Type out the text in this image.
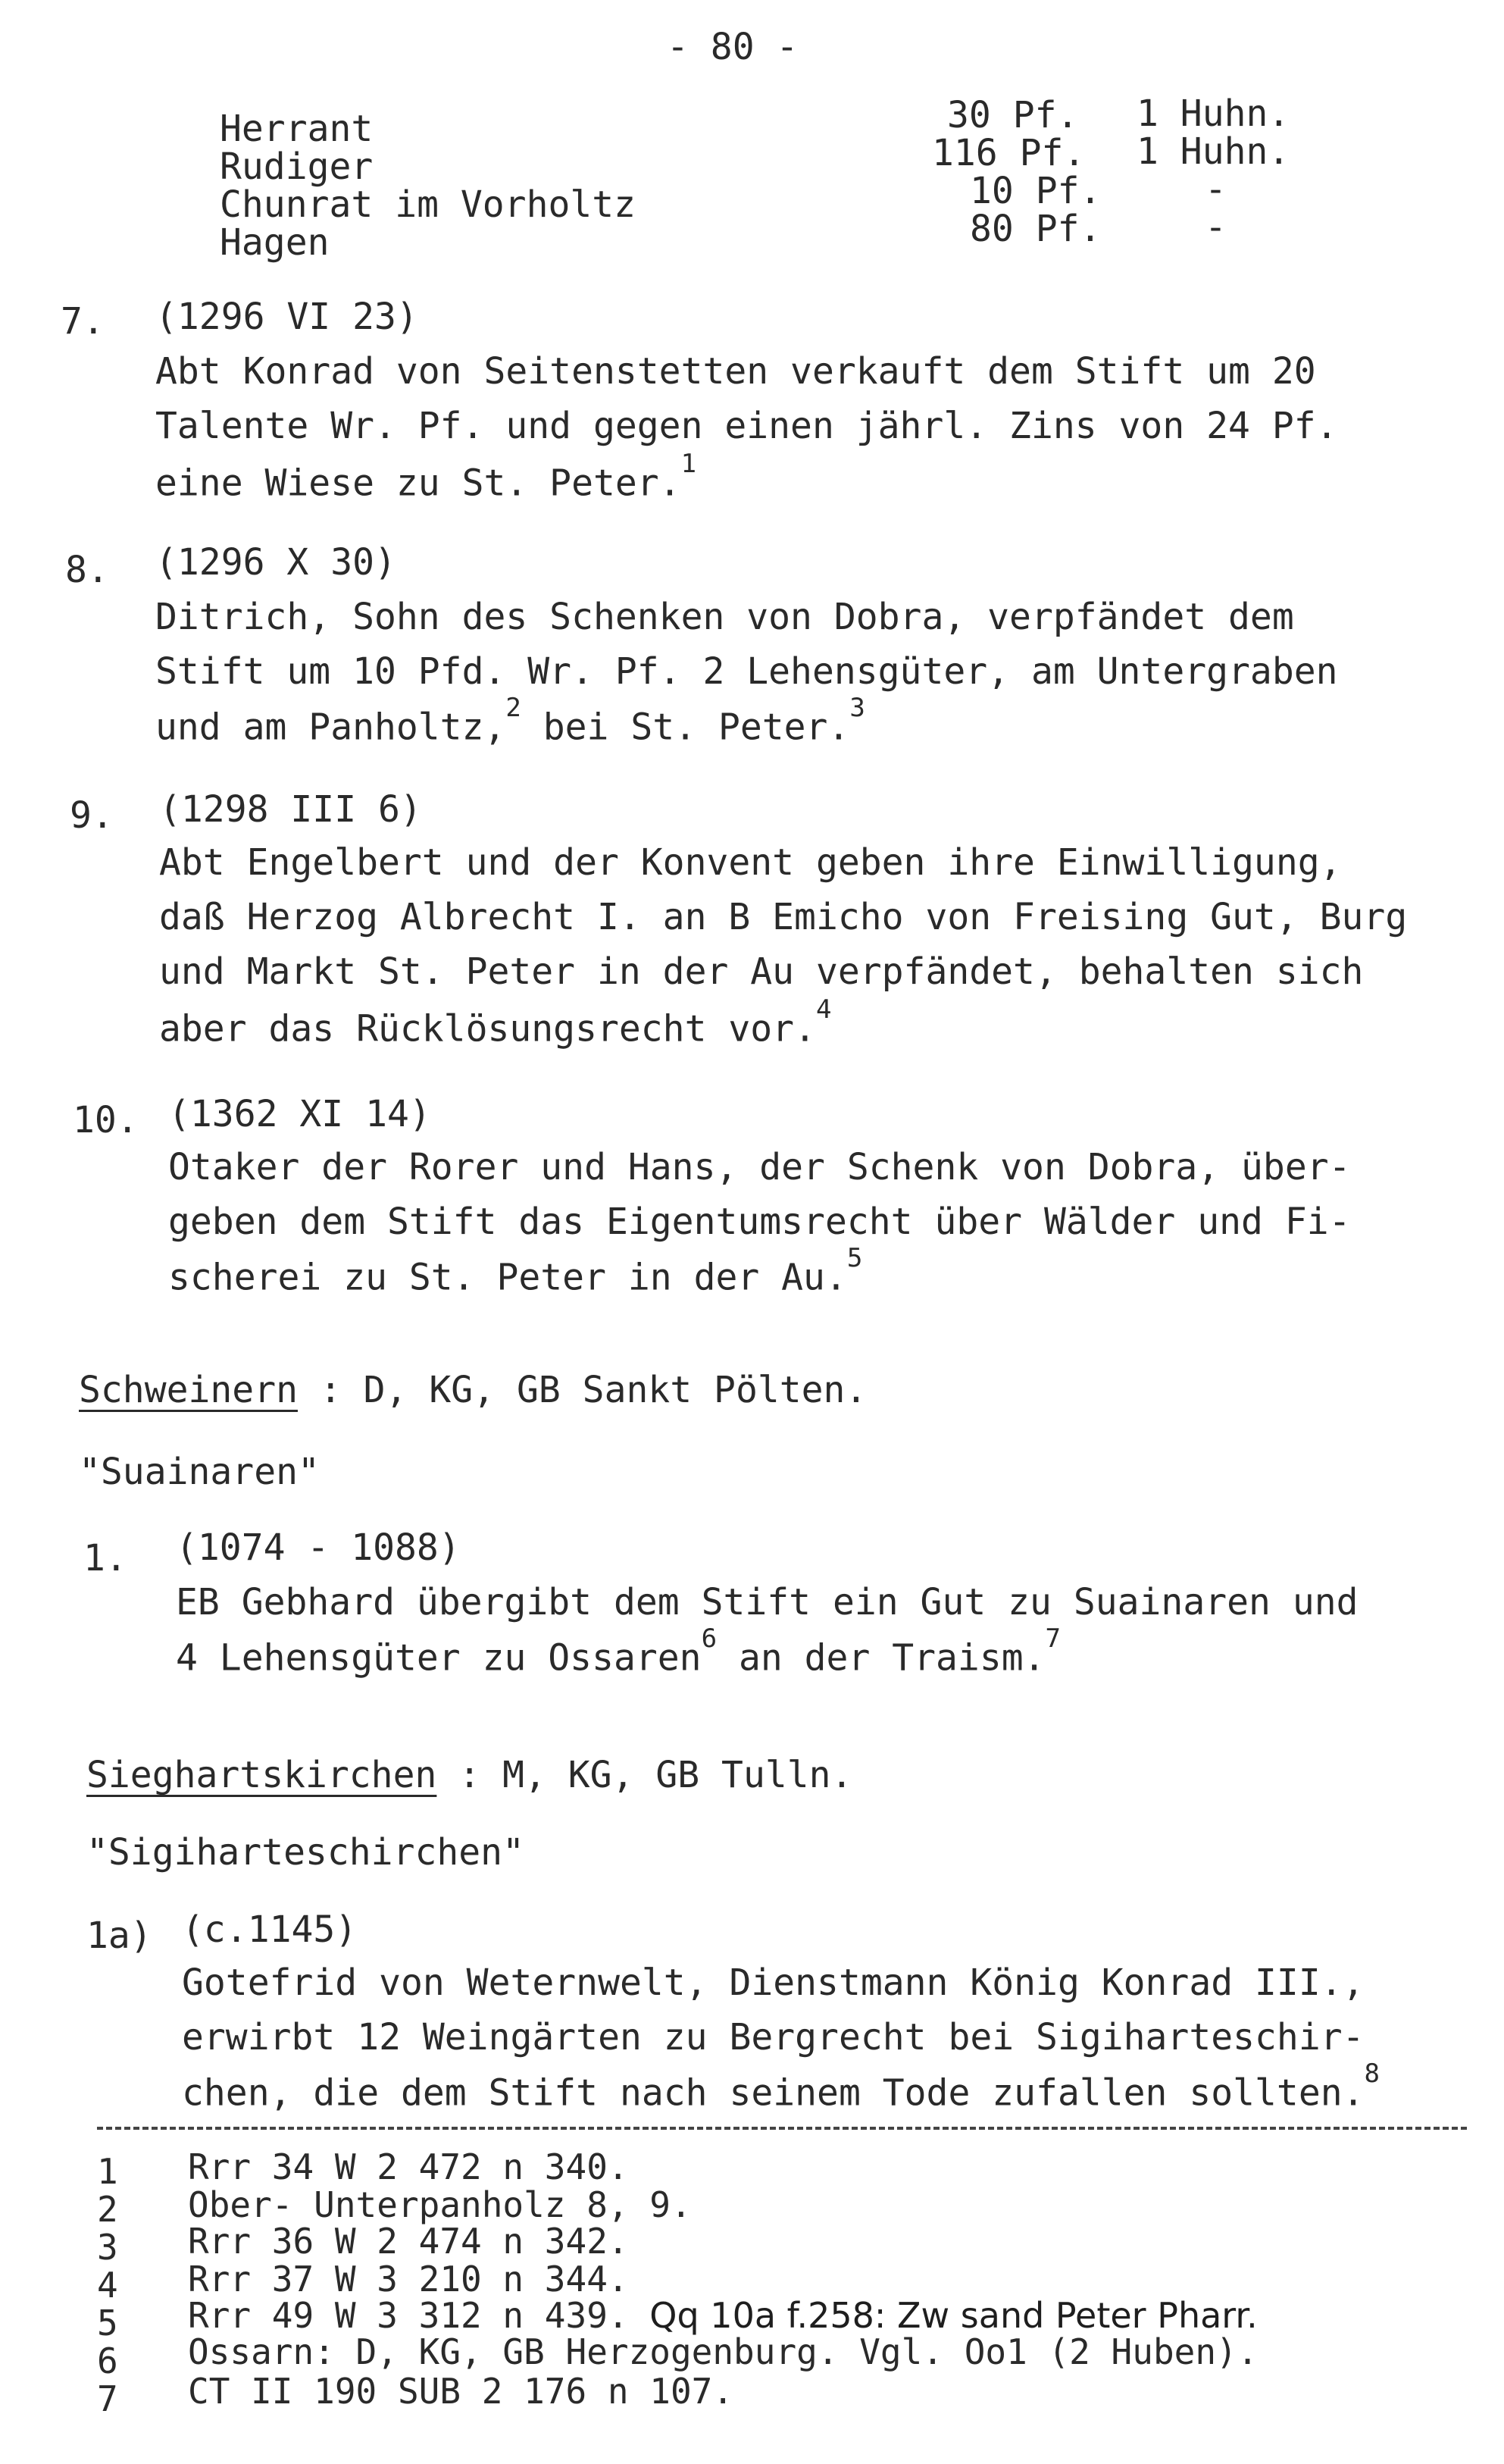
- 80 -
Herrant	30 Pf. 1 Huhn.
Rudiger	116 Pf. 1 Huhn.
Chunrat im Vorholtz	10 Pf.	-
Hagen	80 Pf.	-
7. (1296 VI 23)
Abt Konrad von Seitenstetten verkauft dem Stift um 20
Talente Wr. Pf. und gegen einen jährl. Zins von 24 Pf.
eine Wiese zu St. Peter.$^1$
8. (1296 X 30)
Ditrich, Sohn des Schenken von Dobra, verpfändet dem
Stift um 10 Pfd. Wr. Pf. 2 Lehensgüter, am Untergraben
und am Panholtz,$^2$ bei St. Peter.$^3$
9. (1298 III 6)
Abt Engelbert und der Konvent geben ihre Einwilligung,
daß Herzog Albrecht I. an B Emicho von Freising Gut, Burg
und Markt St. Peter in der Au verpfändet, behalten sich
aber das Rücklösungsrecht vor.$^4$
10. (1362 XI 14)
Otaker der Rorer und Hans, der Schenk von Dobra, über-
geben dem Stift das Eigentumsrecht über Wälder und Fi-
scherei zu St. Peter in der Au.$^5$
Schweinern : D, KG, GB Sankt Pölten.
"Suainaren"
1. (1074 - 1088)
EB Gebhard übergibt dem Stift ein Gut zu Suainaren und
4 Lehensgüter zu Ossaren$^6$ an der Traism.$^7$
Sieghartskirchen : M, KG, GB Tulln.
"Sigiharteschirchen"
1a) (c.1145)
Gotefrid von Weternwelt, Dienstmann König Konrad III.,
erwirbt 12 Weingärten zu Bergrecht bei Sigiharteschir-
chen, die dem Stift nach seinem Tode zufallen sollten.$^8$
1 Rrr 34 W 2 472 n 340.
2 Ober- Unterpanholz 8, 9.
3 Rrr 36 W 2 474 n 342.
4 Rrr 37 W 3 210 n 344.
5 Rrr 49 W 3 312 n 439. Qq 10a f.258: Zw sand Peter Pharr.
6 Ossarn: D, KG, GB Herzogenburg. Vgl. Oo1 (2 Huben).
7 CT II 190 SUB 2 176 n 107.
